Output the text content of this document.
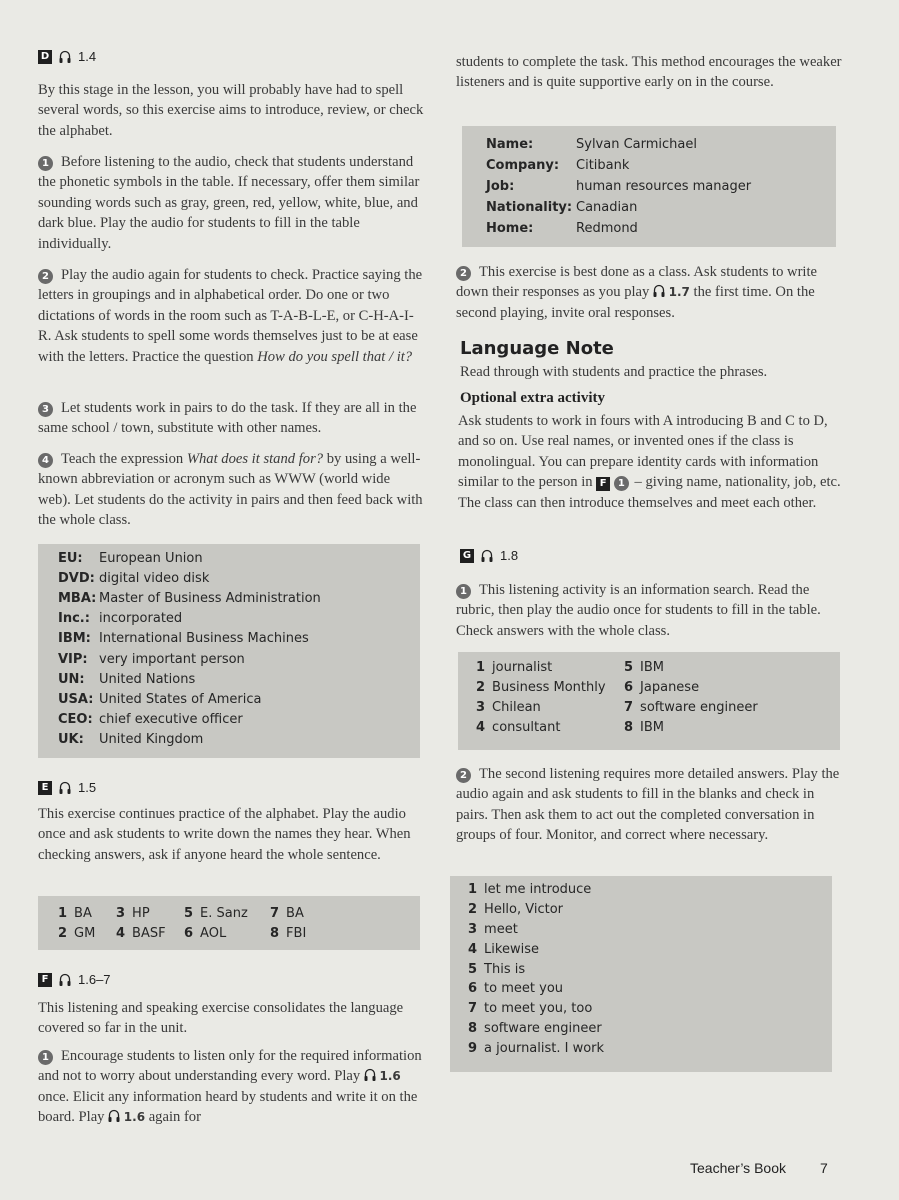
D 1.4

By this stage in the lesson, you will probably have had to spell several words, so this exercise aims to introduce, review, or check the alphabet.

1 Before listening to the audio, check that students understand the phonetic symbols in the table. If necessary, offer them similar sounding words such as gray, green, red, yellow, white, blue, and dark blue. Play the audio for students to fill in the table individually.

2 Play the audio again for students to check. Practice saying the letters in groupings and in alphabetical order. Do one or two dictations of words in the room such as T-A-B-L-E, or C-H-A-I-R. Ask students to spell some words themselves just to be at ease with the letters. Practice the question How do you spell that / it?

3 Let students work in pairs to do the task. If they are all in the same school / town, substitute with other names.

4 Teach the expression What does it stand for? by using a well-known abbreviation or acronym such as WWW (world wide web). Let students do the activity in pairs and then feed back with the whole class.

EU:	European Union
DVD: digital video disk
MBA: Master of Business Administration
Inc.: incorporated
IBM: International Business Machines
VIP: very important person
UN:	United Nations
USA: United States of America
CEO: chief executive officer
UK:	United Kingdom
E 1.5

This exercise continues practice of the alphabet. Play the audio once and ask students to write down the names they hear. When checking answers, ask if anyone heard the whole sentence.

1 BA 3 HP	5 E. Sanz 7 BA
2 GM 4 BASF 6 AOL	8 FBI
F 1.6–7

This listening and speaking exercise consolidates the language covered so far in the unit.

1 Encourage students to listen only for the required information and not to worry about understanding every word. Play
1.6 once. Elicit any information heard by students and write it on the board. Play
1.6 again for

students to complete the task. This method encourages the weaker listeners and is quite supportive early on in the course.

Name:	Sylvan Carmichael
Company:	Citibank
Job:	human resources manager
Nationality: Canadian
Home:	Redmond

2 This exercise is best done as a class. Ask students to write down their responses as you play
1.7 the first time. On the second playing, invite oral responses.

Language Note

Read through with students and practice the phrases.

Optional extra activity

Ask students to work in fours with A introducing B and C to D, and so on. Use real names, or invented ones if the class is monolingual. You can prepare identity cards with information similar to the person in F 1 – giving name, nationality, job, etc. The class can then introduce themselves and meet each other.

G 1.8

1 This listening activity is an information search. Read the rubric, then play the audio once for students to fill in the table. Check answers with the whole class.

1 journalist	5 IBM
2 Business Monthly 6 Japanese
3 Chilean	7 software engineer
4 consultant	8 IBM

2 The second listening requires more detailed answers. Play the audio again and ask students to fill in the blanks and check in pairs. Then ask them to act out the completed conversation in groups of four. Monitor, and correct where necessary.

1 let me introduce
2 Hello, Victor
3 meet
4 Likewise
5 This is
6 to meet you
7 to meet you, too
8 software engineer
9 a journalist. I work
Teacher’s Book 7
